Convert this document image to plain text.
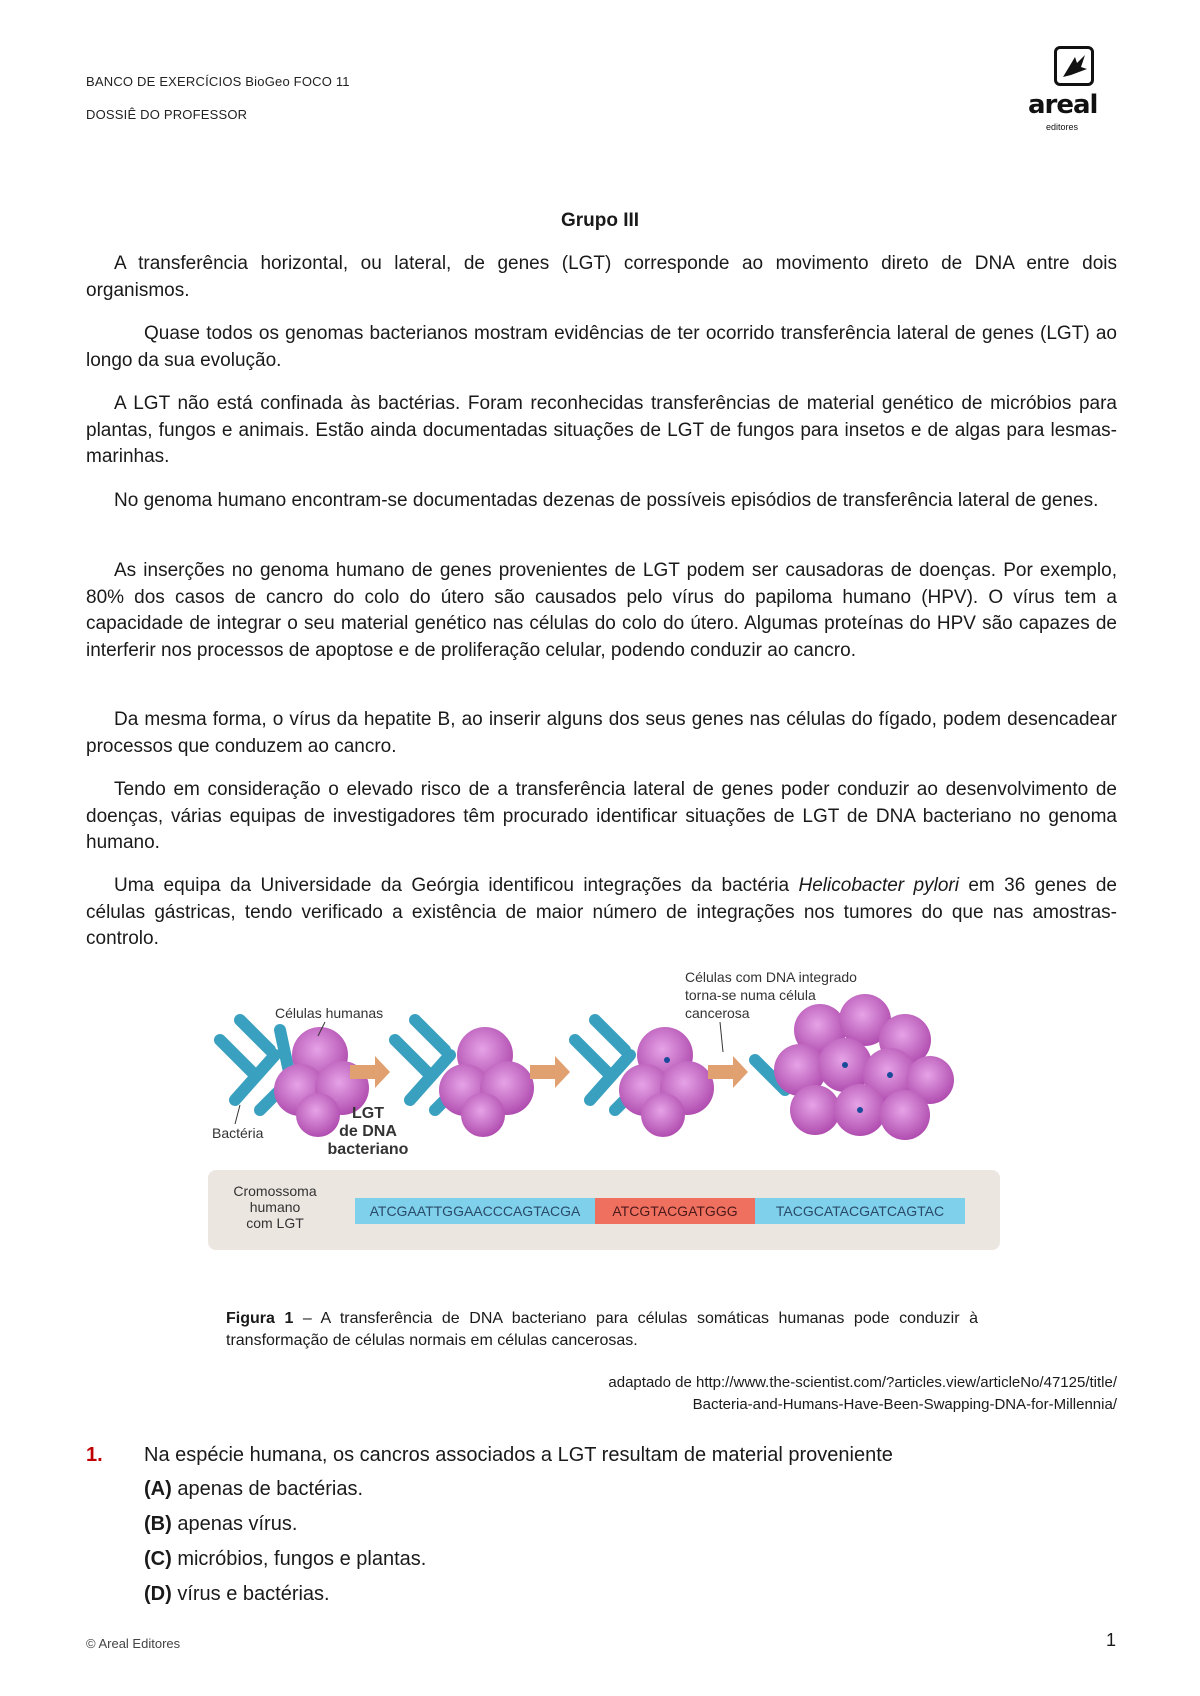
BANCO DE EXERCÍCIOS BioGeo FOCO 11
DOSSIÊ DO PROFESSOR	areal
editores
Grupo III
A transferência horizontal, ou lateral, de genes (LGT) corresponde ao movimento direto de DNA entre dois organismos.
Quase todos os genomas bacterianos mostram evidências de ter ocorrido transferência lateral de genes (LGT) ao longo da sua evolução.
A LGT não está confinada às bactérias. Foram reconhecidas transferências de material genético de micróbios para plantas, fungos e animais. Estão ainda documentadas situações de LGT de fungos para insetos e de algas para lesmas-marinhas.
No genoma humano encontram-se documentadas dezenas de possíveis episódios de transferência lateral de genes.
As inserções no genoma humano de genes provenientes de LGT podem ser causadoras de doenças. Por exemplo, 80% dos casos de cancro do colo do útero são causados pelo vírus do papiloma humano (HPV). O vírus tem a capacidade de integrar o seu material genético nas células do colo do útero. Algumas proteínas do HPV são capazes de interferir nos processos de apoptose e de proliferação celular, podendo conduzir ao cancro.
Da mesma forma, o vírus da hepatite B, ao inserir alguns dos seus genes nas células do fígado, podem desencadear processos que conduzem ao cancro.
Tendo em consideração o elevado risco de a transferência lateral de genes poder conduzir ao desenvolvimento de doenças, várias equipas de investigadores têm procurado identificar situações de LGT de DNA bacteriano no genoma humano.
Uma equipa da Universidade da Geórgia identificou integrações da bactéria Helicobacter pylori em 36 genes de células gástricas, tendo verificado a existência de maior número de integrações nos tumores do que nas amostras-controlo.
Células humanas
Bactéria
LGT
de DNA
bacteriano
Células com DNA integrado
torna-se numa célula
cancerosa
Cromossoma
humano
com LGT
ATCGAATTGGAACCCAGTACGA ATCGTACGATGGG	TACGCATACGATCAGTAC
Figura 1 – A transferência de DNA bacteriano para células somáticas humanas pode conduzir à transformação de células normais em células cancerosas.
adaptado de http://www.the-scientist.com/?articles.view/articleNo/47125/title/
Bacteria-and-Humans-Have-Been-Swapping-DNA-for-Millennia/
1. Na espécie humana, os cancros associados a LGT resultam de material proveniente
(A) apenas de bactérias.
(B) apenas vírus.
(C) micróbios, fungos e plantas.
(D) vírus e bactérias.
© Areal Editores	1
